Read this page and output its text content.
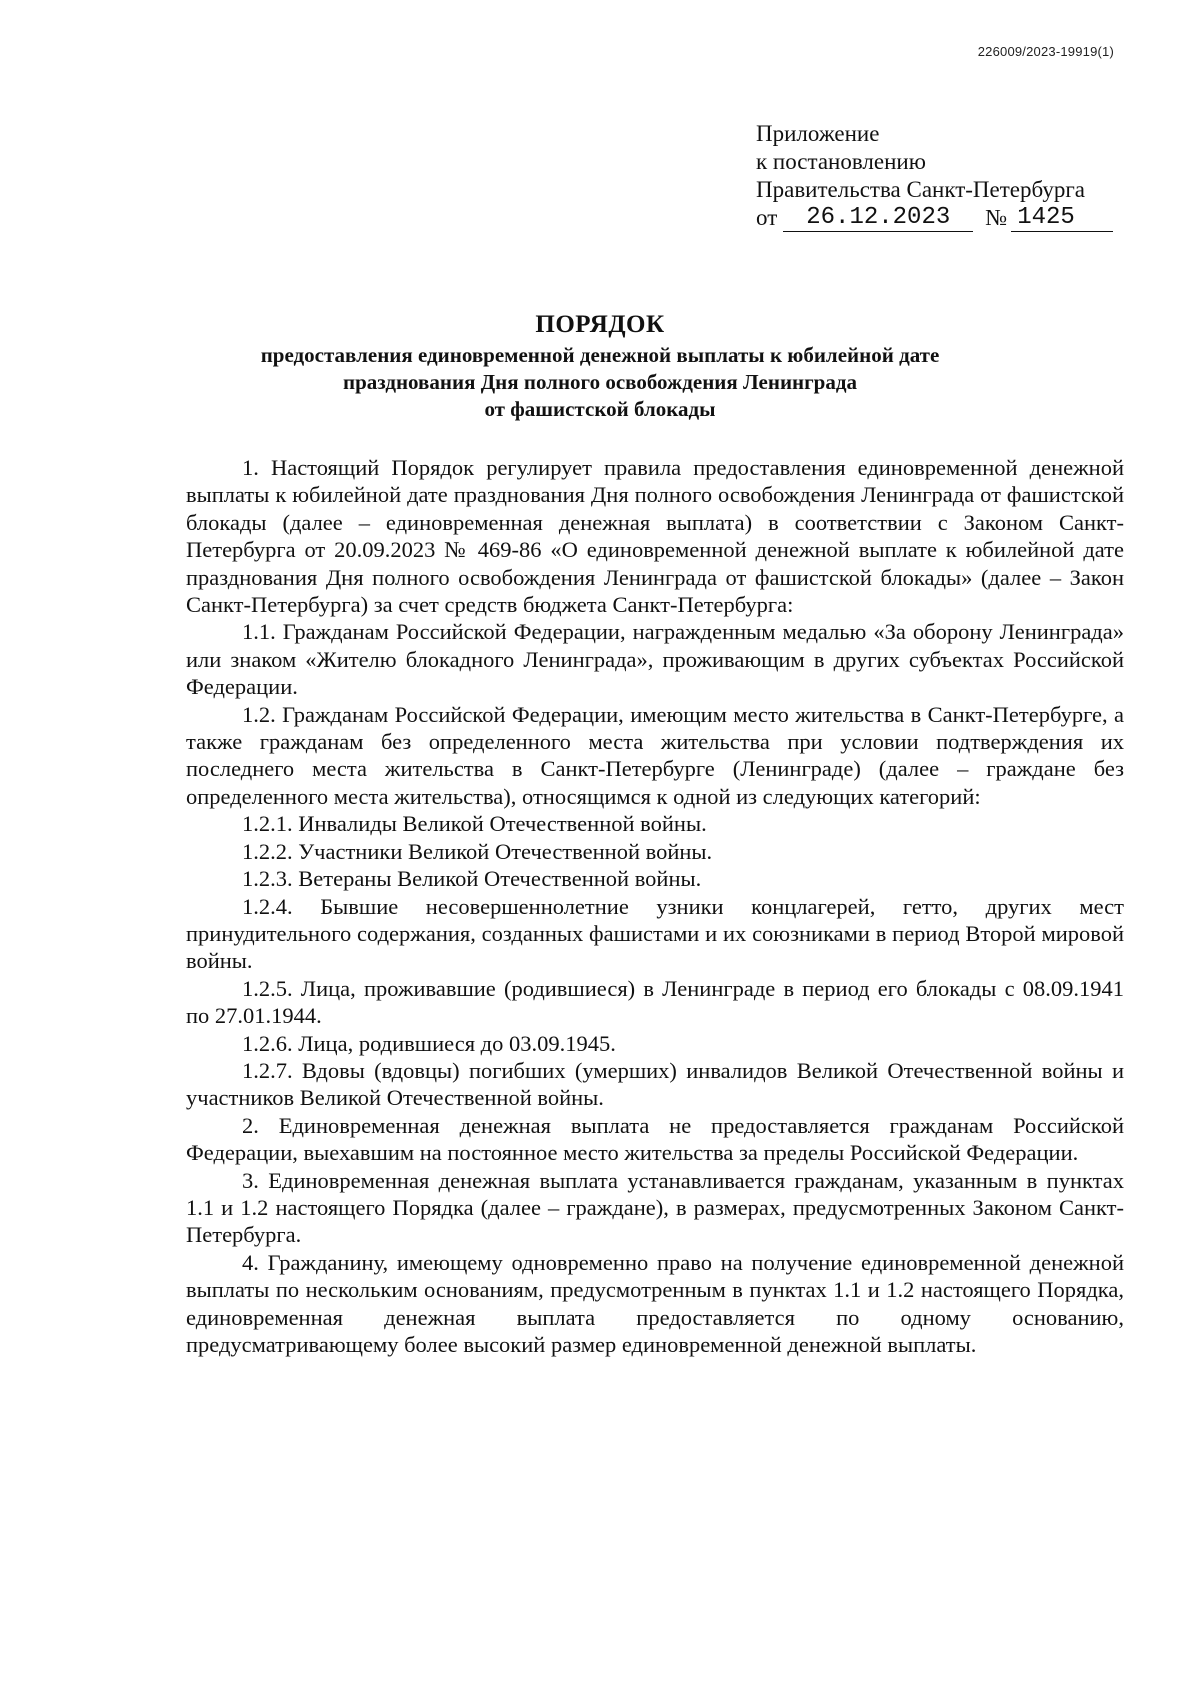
226009/2023-19919(1)
Приложение
к постановлению
Правительства Санкт-Петербурга
от	26.12.2023	№ 1425
ПОРЯДОК
предоставления единовременной денежной выплаты к юбилейной дате
празднования Дня полного освобождения Ленинграда
от фашистской блокады

1. Настоящий Порядок регулирует правила предоставления единовременной денежной выплаты к юбилейной дате празднования Дня полного освобождения Ленинграда от фашистской блокады (далее – единовременная денежная выплата) в соответствии с Законом Санкт-Петербурга от 20.09.2023 № 469-86 «О единовременной денежной выплате к юбилейной дате празднования Дня полного освобождения Ленинграда от фашистской блокады» (далее – Закон Санкт-Петербурга) за счет средств бюджета Санкт-Петербурга:

1.1. Гражданам Российской Федерации, награжденным медалью «За оборону Ленинграда» или знаком «Жителю блокадного Ленинграда», проживающим в других субъектах Российской Федерации.

1.2. Гражданам Российской Федерации, имеющим место жительства в Санкт-Петербурге, а также гражданам без определенного места жительства при условии подтверждения их последнего места жительства в Санкт-Петербурге (Ленинграде) (далее – граждане без определенного места жительства), относящимся к одной из следующих категорий:

1.2.1. Инвалиды Великой Отечественной войны.

1.2.2. Участники Великой Отечественной войны.

1.2.3. Ветераны Великой Отечественной войны.

1.2.4. Бывшие несовершеннолетние узники концлагерей, гетто, других мест принудительного содержания, созданных фашистами и их союзниками в период Второй мировой войны.

1.2.5. Лица, проживавшие (родившиеся) в Ленинграде в период его блокады с 08.09.1941 по 27.01.1944.

1.2.6. Лица, родившиеся до 03.09.1945.

1.2.7. Вдовы (вдовцы) погибших (умерших) инвалидов Великой Отечественной войны и участников Великой Отечественной войны.

2. Единовременная денежная выплата не предоставляется гражданам Российской Федерации, выехавшим на постоянное место жительства за пределы Российской Федерации.

3. Единовременная денежная выплата устанавливается гражданам, указанным в пунктах 1.1 и 1.2 настоящего Порядка (далее – граждане), в размерах, предусмотренных Законом Санкт-Петербурга.

4. Гражданину, имеющему одновременно право на получение единовременной денежной выплаты по нескольким основаниям, предусмотренным в пунктах 1.1 и 1.2 настоящего Порядка, единовременная денежная выплата предоставляется по одному основанию, предусматривающему более высокий размер единовременной денежной выплаты.
